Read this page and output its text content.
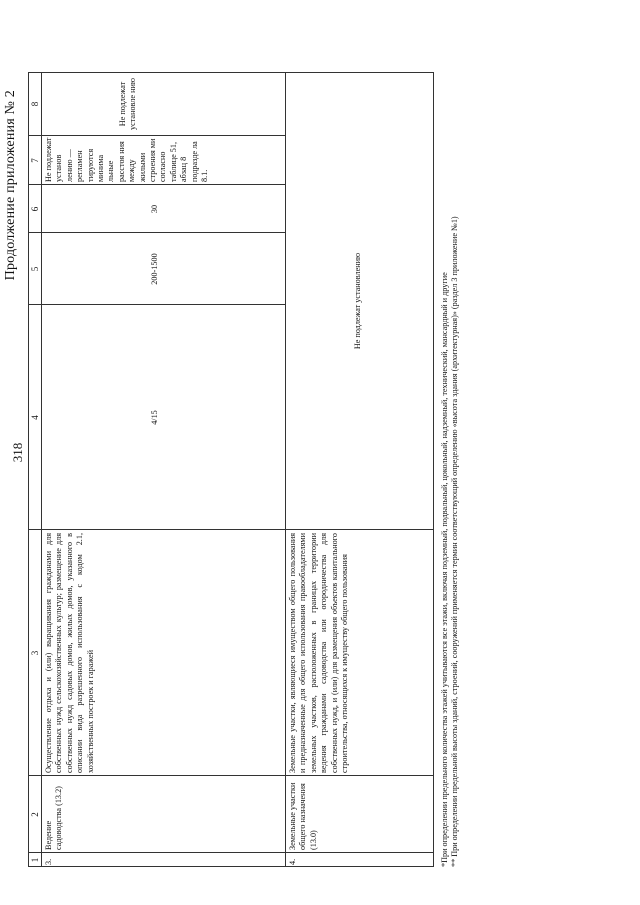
318
Продолжение приложения № 2
1
2
3
4
5
6
7
8
3.
Ведение садоводства (13.2)
Осуществление отдыха и (или) выращивания гражданами для собственных нужд сельскохозяйственных культур; размещение для собственных нужд садовых домов, жилых домов, указанного в описании вида разрешенного использования с кодом 2.1, хозяйственных построек и гаражей
4/15
200-1500
30
Не подлежат установ лению — регламен тируются минима льные расстоя ния между жилыми строения ми согласно таблице 51, абзац 8 подразде ла 8.1.
Не подлежат установле нию
4.
Земельные участки общего назначения (13.0)
Земельные участки, являющиеся имуществом общего пользования и предназначенные для общего использования правообладателями земельных участков, расположенных в границах территории ведения гражданами садоводства или огородничества для собственных нужд, и (или) для размещения объектов капитального строительства, относящихся к имуществу общего пользования
Не подлежат установлению	*При определении предельного количества этажей учитываются все этажи, включая подземный, подвальный, цокольный, надземный, технический, мансардный и другие ** При определении предельной высоты зданий, строений, сооружений применяется термин соответствующий определению «высота здания (архитектурная)» (раздел 3 приложение №1)
